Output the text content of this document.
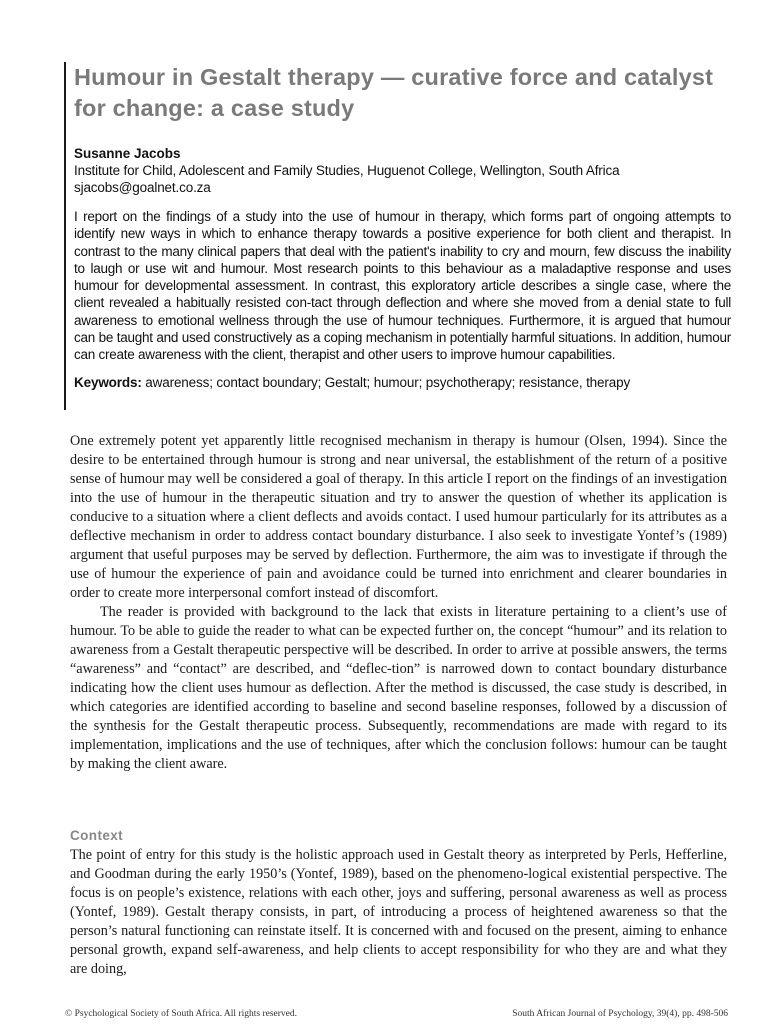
Humour in Gestalt therapy — curative force and catalyst for change: a case study
Susanne Jacobs
Institute for Child, Adolescent and Family Studies, Huguenot College, Wellington, South Africa
sjacobs@goalnet.co.za
I report on the findings of a study into the use of humour in therapy, which forms part of ongoing attempts to identify new ways in which to enhance therapy towards a positive experience for both client and therapist. In contrast to the many clinical papers that deal with the patient's inability to cry and mourn, few discuss the inability to laugh or use wit and humour. Most research points to this behaviour as a maladaptive response and uses humour for developmental assessment. In contrast, this exploratory article describes a single case, where the client revealed a habitually resisted con-tact through deflection and where she moved from a denial state to full awareness to emotional wellness through the use of humour techniques. Furthermore, it is argued that humour can be taught and used constructively as a coping mechanism in potentially harmful situations. In addition, humour can create awareness with the client, therapist and other users to improve humour capabilities.
Keywords: awareness; contact boundary; Gestalt; humour; psychotherapy; resistance, therapy

One extremely potent yet apparently little recognised mechanism in therapy is humour (Olsen, 1994). Since the desire to be entertained through humour is strong and near universal, the establishment of the return of a positive sense of humour may well be considered a goal of therapy. In this article I report on the findings of an investigation into the use of humour in the therapeutic situation and try to answer the question of whether its application is conducive to a situation where a client deflects and avoids contact. I used humour particularly for its attributes as a deflective mechanism in order to address contact boundary disturbance. I also seek to investigate Yontef’s (1989) argument that useful purposes may be served by deflection. Furthermore, the aim was to investigate if through the use of humour the experience of pain and avoidance could be turned into enrichment and clearer boundaries in order to create more interpersonal comfort instead of discomfort.

The reader is provided with background to the lack that exists in literature pertaining to a client’s use of humour. To be able to guide the reader to what can be expected further on, the concept “humour” and its relation to awareness from a Gestalt therapeutic perspective will be described. In order to arrive at possible answers, the terms “awareness” and “contact” are described, and “deflec-tion” is narrowed down to contact boundary disturbance indicating how the client uses humour as deflection. After the method is discussed, the case study is described, in which categories are identified according to baseline and second baseline responses, followed by a discussion of the synthesis for the Gestalt therapeutic process. Subsequently, recommendations are made with regard to its implementation, implications and the use of techniques, after which the conclusion follows: humour can be taught by making the client aware.

Context

The point of entry for this study is the holistic approach used in Gestalt theory as interpreted by Perls, Hefferline, and Goodman during the early 1950’s (Yontef, 1989), based on the phenomeno-logical existential perspective. The focus is on people’s existence, relations with each other, joys and suffering, personal awareness as well as process (Yontef, 1989). Gestalt therapy consists, in part, of introducing a process of heightened awareness so that the person’s natural functioning can reinstate itself. It is concerned with and focused on the present, aiming to enhance personal growth, expand self-awareness, and help clients to accept responsibility for who they are and what they are doing,

© Psychological Society of South Africa. All rights reserved.	South African Journal of Psychology, 39(4), pp. 498-506
